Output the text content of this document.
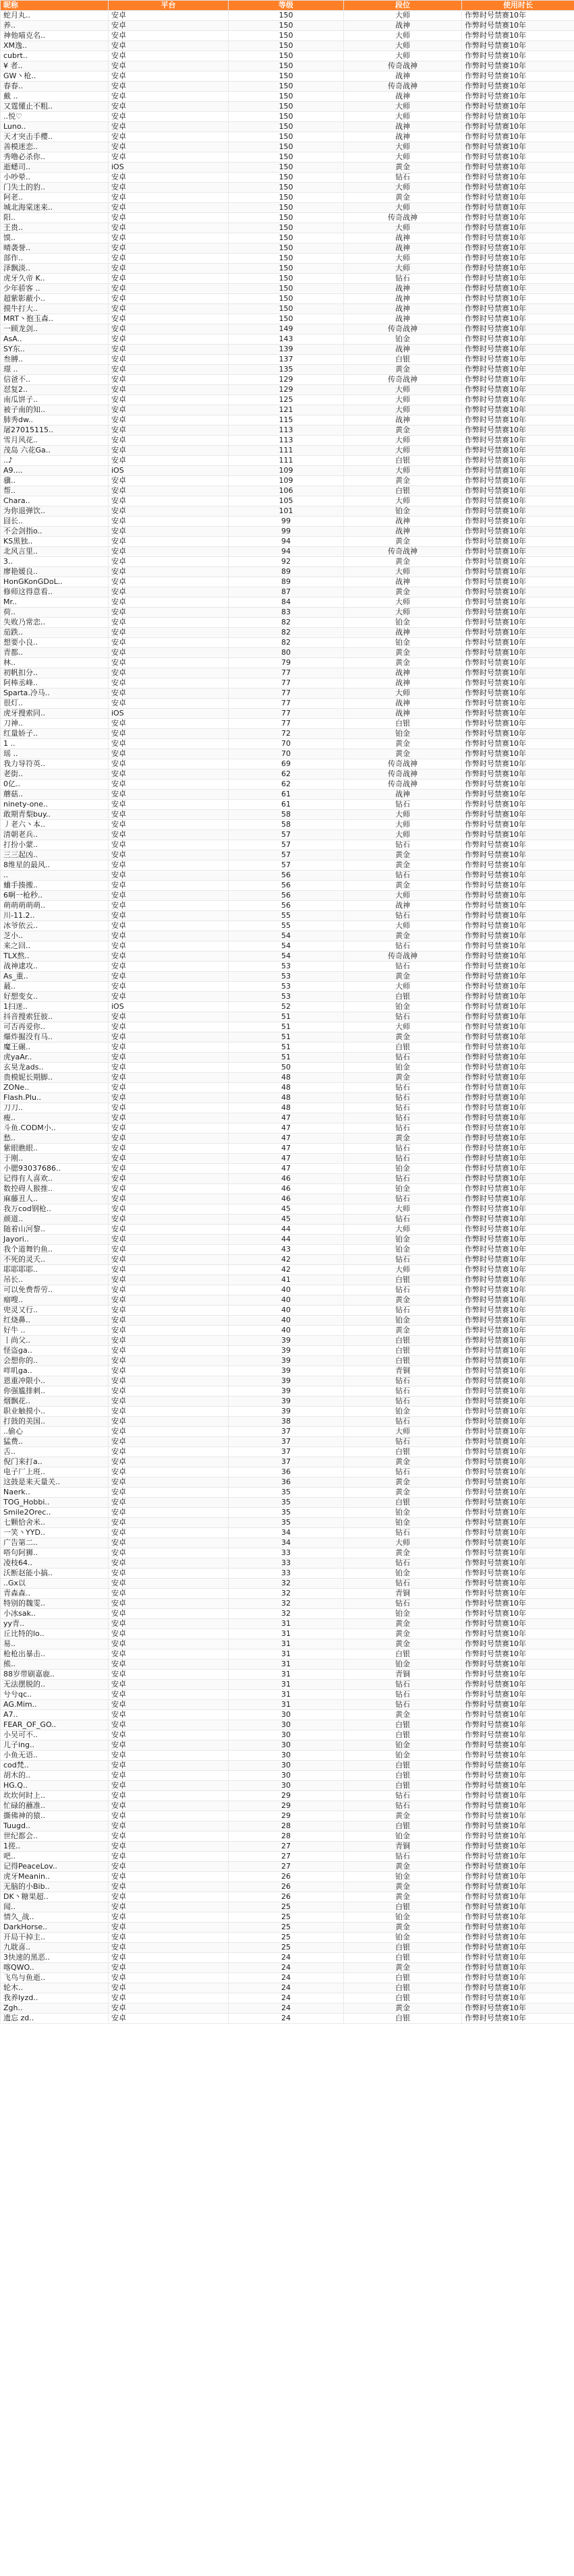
昵称	平台	等级	段位	使用时长
蛇月丸..	安卓	150	大师	作弊时号禁赛10年
养..	安卓	150	战神	作弊时号禁赛10年
神他喵克名..	安卓	150	大师	作弊时号禁赛10年
XM逸..	安卓	150	大师	作弊时号禁赛10年
cubrt..	安卓	150	大师	作弊时号禁赛10年
¥ 者..	安卓	150	传奇战神	作弊时号禁赛10年
GW丶枪..	安卓	150	战神	作弊时号禁赛10年
春春..	安卓	150	传奇战神	作弊时号禁赛10年
戴 ..	安卓	150	战神	作弊时号禁赛10年
又霆懂止不粗..	安卓	150	大师	作弊时号禁赛10年
..悦♡	安卓	150	大师	作弊时号禁赛10年
Luno..	安卓	150	战神	作弊时号禁赛10年
天才突击手樱..	安卓	150	战神	作弊时号禁赛10年
善模迷恋..	安卓	150	大师	作弊时号禁赛10年
秀噜必杀你..	安卓	150	大师	作弊时号禁赛10年
逝蟋司..	iOS	150	黄金	作弊时号禁赛10年
小吵晕..	安卓	150	钻石	作弊时号禁赛10年
门失土的豹..	安卓	150	大师	作弊时号禁赛10年
阿老..	安卓	150	黄金	作弊时号禁赛10年
城北海棠迷来..	安卓	150	大师	作弊时号禁赛10年
阳..	安卓	150	传奇战神	作弊时号禁赛10年
王贵..	安卓	150	大师	作弊时号禁赛10年
馍..	安卓	150	战神	作弊时号禁赛10年
晴袭誉..	安卓	150	战神	作弊时号禁赛10年
部作..	安卓	150	大师	作弊时号禁赛10年
泽飘淡..	安卓	150	大师	作弊时号禁赛10年
虎牙久帝 K..	安卓	150	钻石	作弊时号禁赛10年
少年骄客 ..	安卓	150	战神	作弊时号禁赛10年
超紫影蔽小..	安卓	150	战神	作弊时号禁赛10年
摸牛打大..	安卓	150	战神	作弊时号禁赛10年
MRT丶抱玉森..	安卓	150	战神	作弊时号禁赛10年
一顾龙剑..	安卓	149	传奇战神	作弊时号禁赛10年
AsA..	安卓	143	铂金	作弊时号禁赛10年
SY东..	安卓	139	战神	作弊时号禁赛10年
叁膊..	安卓	137	白银	作弊时号禁赛10年
璟 ..	安卓	135	黄金	作弊时号禁赛10年
信爸不..	安卓	129	传奇战神	作弊时号禁赛10年
怼复2..	安卓	129	大师	作弊时号禁赛10年
南瓜饼子..	安卓	125	大师	作弊时号禁赛10年
被子南的知..	安卓	121	大师	作弊时号禁赛10年
肺秀dw..	安卓	115	战神	作弊时号禁赛10年
屠27015115..	安卓	113	黄金	作弊时号禁赛10年
雪月风花..	安卓	113	大师	作弊时号禁赛10年
茂岛 六花Ga..	安卓	111	大师	作弊时号禁赛10年
..♪	安卓	111	白银	作弊时号禁赛10年
A9....	iOS	109	大师	作弊时号禁赛10年
骥..	安卓	109	黄金	作弊时号禁赛10年
帮..	安卓	106	白银	作弊时号禁赛10年
Chara..	安卓	105	大师	作弊时号禁赛10年
为你退弹饮..	安卓	101	铂金	作弊时号禁赛10年
囧长..	安卓	99	战神	作弊时号禁赛10年
不会剑指o..	安卓	99	战神	作弊时号禁赛10年
KS黑独..	安卓	94	黄金	作弊时号禁赛10年
北风言里..	安卓	94	传奇战神	作弊时号禁赛10年
3..	安卓	92	黄金	作弊时号禁赛10年
廖艳媛良..	安卓	89	大师	作弊时号禁赛10年
HonGKonGDoL..	安卓	89	战神	作弊时号禁赛10年
修师这得意看..	安卓	87	黄金	作弊时号禁赛10年
Mr..	安卓	84	大师	作弊时号禁赛10年
荷..	安卓	83	大师	作弊时号禁赛10年
失败乃常恋..	安卓	82	铂金	作弊时号禁赛10年
茄跌..	安卓	82	战神	作弊时号禁赛10年
想要小良..	安卓	82	铂金	作弊时号禁赛10年
青都..	安卓	80	黄金	作弊时号禁赛10年
林..	安卓	79	黄金	作弊时号禁赛10年
初帆扣分..	安卓	77	战神	作弊时号禁赛10年
阿棒丞峰..	安卓	77	战神	作弊时号禁赛10年
Sparta.冷马..	安卓	77	大师	作弊时号禁赛10年
很灯..	安卓	77	战神	作弊时号禁赛10年
虎牙搜索同..	iOS	77	战神	作弊时号禁赛10年
刀神..	安卓	77	白银	作弊时号禁赛10年
红量娇子..	安卓	72	铂金	作弊时号禁赛10年
1 ..	安卓	70	黄金	作弊时号禁赛10年
瑶 ..	安卓	70	黄金	作弊时号禁赛10年
我力导符英..	安卓	69	传奇战神	作弊时号禁赛10年
老街..	安卓	62	传奇战神	作弊时号禁赛10年
0亿..	安卓	62	传奇战神	作弊时号禁赛10年
蘑菇..	安卓	61	战神	作弊时号禁赛10年
ninety-one..	安卓	61	钻石	作弊时号禁赛10年
敢期青梨buy..	安卓	58	大师	作弊时号禁赛10年
丿老六丶本..	安卓	58	大师	作弊时号禁赛10年
清朝老兵..	安卓	57	大师	作弊时号禁赛10年
打扮小蒙..	安卓	57	钻石	作弊时号禁赛10年
三三起凶..	安卓	57	黄金	作弊时号禁赛10年
8维星的最风..	安卓	57	黄金	作弊时号禁赛10年
..	安卓	56	钻石	作弊时号禁赛10年
蛐手揍搬..	安卓	56	黄金	作弊时号禁赛10年
6啊一枪秒..	安卓	56	大师	作弊时号禁赛10年
萌萌萌萌萌..	安卓	56	战神	作弊时号禁赛10年
川-11.2..	安卓	55	钻石	作弊时号禁赛10年
冰爷依云..	安卓	55	大师	作弊时号禁赛10年
芝小..	安卓	54	黄金	作弊时号禁赛10年
来之回..	安卓	54	钻石	作弊时号禁赛10年
TLX熬..	安卓	54	传奇战神	作弊时号禁赛10年
战神逮攻..	安卓	53	钻石	作弊时号禁赛10年
As_重..	安卓	53	黄金	作弊时号禁赛10年
蕞..	安卓	53	大师	作弊时号禁赛10年
好想变女..	安卓	53	白银	作弊时号禁赛10年
1扫迷..	iOS	52	铂金	作弊时号禁赛10年
抖音搜索狂彼..	安卓	51	钻石	作弊时号禁赛10年
可否再爱你..	安卓	51	大师	作弊时号禁赛10年
爆炸掘没有马..	安卓	51	黄金	作弊时号禁赛10年
魔王碾..	安卓	51	白银	作弊时号禁赛10年
虎yaAr..	安卓	51	钻石	作弊时号禁赛10年
玄昊龙ads..	安卓	50	铂金	作弊时号禁赛10年
贵模妮长期脚..	安卓	48	黄金	作弊时号禁赛10年
ZONe..	安卓	48	钻石	作弊时号禁赛10年
Flash.Plu..	安卓	48	钻石	作弊时号禁赛10年
刀刀..	安卓	48	钻石	作弊时号禁赛10年
瘦..	安卓	47	钻石	作弊时号禁赛10年
斗鱼.CODM小..	安卓	47	钻石	作弊时号禁赛10年
愁..	安卓	47	黄金	作弊时号禁赛10年
紫眼瞧眼..	安卓	47	钻石	作弊时号禁赛10年
于刚..	安卓	47	钻石	作弊时号禁赛10年
小腮93037686..	安卓	47	铂金	作弊时号禁赛10年
记得有人喜欢..	安卓	46	钻石	作弊时号禁赛10年
数控碍人猴推..	安卓	46	铂金	作弊时号禁赛10年
麻藤丑人..	安卓	46	钻石	作弊时号禁赛10年
我万cod钢枪..	安卓	45	大师	作弊时号禁赛10年
颜道..	安卓	45	钻石	作弊时号禁赛10年
随着山河黎..	安卓	44	大师	作弊时号禁赛10年
Jayori..	安卓	44	铂金	作弊时号禁赛10年
我个道舞钓鱼..	安卓	43	铂金	作弊时号禁赛10年
不死的灵夭..	安卓	42	钻石	作弊时号禁赛10年
耶耶耶耶..	安卓	42	大师	作弊时号禁赛10年
吊长..	安卓	41	白银	作弊时号禁赛10年
可以免费帮劳..	安卓	40	钻石	作弊时号禁赛10年
瘤嗖..	安卓	40	黄金	作弊时号禁赛10年
兜灵又行..	安卓	40	钻石	作弊时号禁赛10年
红烧鼻..	安卓	40	铂金	作弊时号禁赛10年
好牛 ..	安卓	40	黄金	作弊时号禁赛10年
丨尚父..	安卓	39	白银	作弊时号禁赛10年
怪盗ga..	安卓	39	白银	作弊时号禁赛10年
会想你的..	安卓	39	白银	作弊时号禁赛10年
咩叽ga..	安卓	39	青铜	作弊时号禁赛10年
恩重冲限小..	安卓	39	钻石	作弊时号禁赛10年
你强尴排刺..	安卓	39	钻石	作弊时号禁赛10年
烟飘花..	安卓	39	钻石	作弊时号禁赛10年
职业触摸小..	安卓	39	铂金	作弊时号禁赛10年
打鼓的美国..	安卓	38	钻石	作弊时号禁赛10年
..偷心	安卓	37	大师	作弊时号禁赛10年
猛费..	安卓	37	钻石	作弊时号禁赛10年
舌..	安卓	37	白银	作弊时号禁赛10年
倪门来打a..	安卓	37	黄金	作弊时号禁赛10年
电子厂上班..	安卓	36	钻石	作弊时号禁赛10年
这鼓是来天量关..	安卓	36	黄金	作弊时号禁赛10年
Naerk..	安卓	35	黄金	作弊时号禁赛10年
TOG_Hobbi..	安卓	35	白银	作弊时号禁赛10年
Smile2Orec..	安卓	35	铂金	作弊时号禁赛10年
七颗恰舍米..	安卓	35	铂金	作弊时号禁赛10年
一笑丶YYD..	安卓	34	钻石	作弊时号禁赛10年
广告第二..	安卓	34	大师	作弊时号禁赛10年
嗒句阿狮..	安卓	33	黄金	作弊时号禁赛10年
凌枝64..	安卓	33	钻石	作弊时号禁赛10年
沃断赵能小搞..	安卓	33	铂金	作弊时号禁赛10年
..Gx以	安卓	32	钻石	作弊时号禁赛10年
青森森..	安卓	32	青铜	作弊时号禁赛10年
特别的魏雯..	安卓	32	钻石	作弊时号禁赛10年
小冰sak..	安卓	32	铂金	作弊时号禁赛10年
yy青..	安卓	31	黄金	作弊时号禁赛10年
丘比特的lo..	安卓	31	黄金	作弊时号禁赛10年
易..	安卓	31	黄金	作弊时号禁赛10年
枪枪出暴击..	安卓	31	白银	作弊时号禁赛10年
熊..	安卓	31	铂金	作弊时号禁赛10年
88岁带刷嘉鹿..	安卓	31	青铜	作弊时号禁赛10年
无法摆脱的..	安卓	31	钻石	作弊时号禁赛10年
兮兮qc..	安卓	31	钻石	作弊时号禁赛10年
AG.Mim..	安卓	31	钻石	作弊时号禁赛10年
A7..	安卓	30	黄金	作弊时号禁赛10年
FEAR_OF_GO..	安卓	30	白银	作弊时号禁赛10年
小吴可不..	安卓	30	白银	作弊时号禁赛10年
儿子ing..	安卓	30	铂金	作弊时号禁赛10年
小鱼无语..	安卓	30	铂金	作弊时号禁赛10年
cod梵..	安卓	30	白银	作弊时号禁赛10年
胡木的..	安卓	30	白银	作弊时号禁赛10年
HG.Q..	安卓	30	白银	作弊时号禁赛10年
坎坎何时上..	安卓	29	钻石	作弊时号禁赛10年
忙碌的蘸准..	安卓	29	钻石	作弊时号禁赛10年
撕佛神的猿..	安卓	29	黄金	作弊时号禁赛10年
Tuugd..	安卓	28	白银	作弊时号禁赛10年
世纪都会..	安卓	28	铂金	作弊时号禁赛10年
1搓..	安卓	27	青铜	作弊时号禁赛10年
吧..	安卓	27	钻石	作弊时号禁赛10年
记得PeaceLov..	安卓	27	黄金	作弊时号禁赛10年
虎牙Meanin..	安卓	26	铂金	作弊时号禁赛10年
无脑的小Bib..	安卓	26	黄金	作弊时号禁赛10年
DK丶糖果超..	安卓	26	黄金	作弊时号禁赛10年
闻..	安卓	25	白银	作弊时号禁赛10年
情久_战..	安卓	25	铂金	作弊时号禁赛10年
DarkHorse..	安卓	25	黄金	作弊时号禁赛10年
开局干掉主..	安卓	25	铂金	作弊时号禁赛10年
九耽喜..	安卓	25	白银	作弊时号禁赛10年
3快速的黑恶..	安卓	24	白银	作弊时号禁赛10年
喀QWO..	安卓	24	黄金	作弊时号禁赛10年
飞鸟与鱼逝..	安卓	24	白银	作弊时号禁赛10年
轮木..	安卓	24	白银	作弊时号禁赛10年
我养lyzd..	安卓	24	白银	作弊时号禁赛10年
Zgh..	安卓	24	黄金	作弊时号禁赛10年
遗忘 zd..	安卓	24	白银	作弊时号禁赛10年
